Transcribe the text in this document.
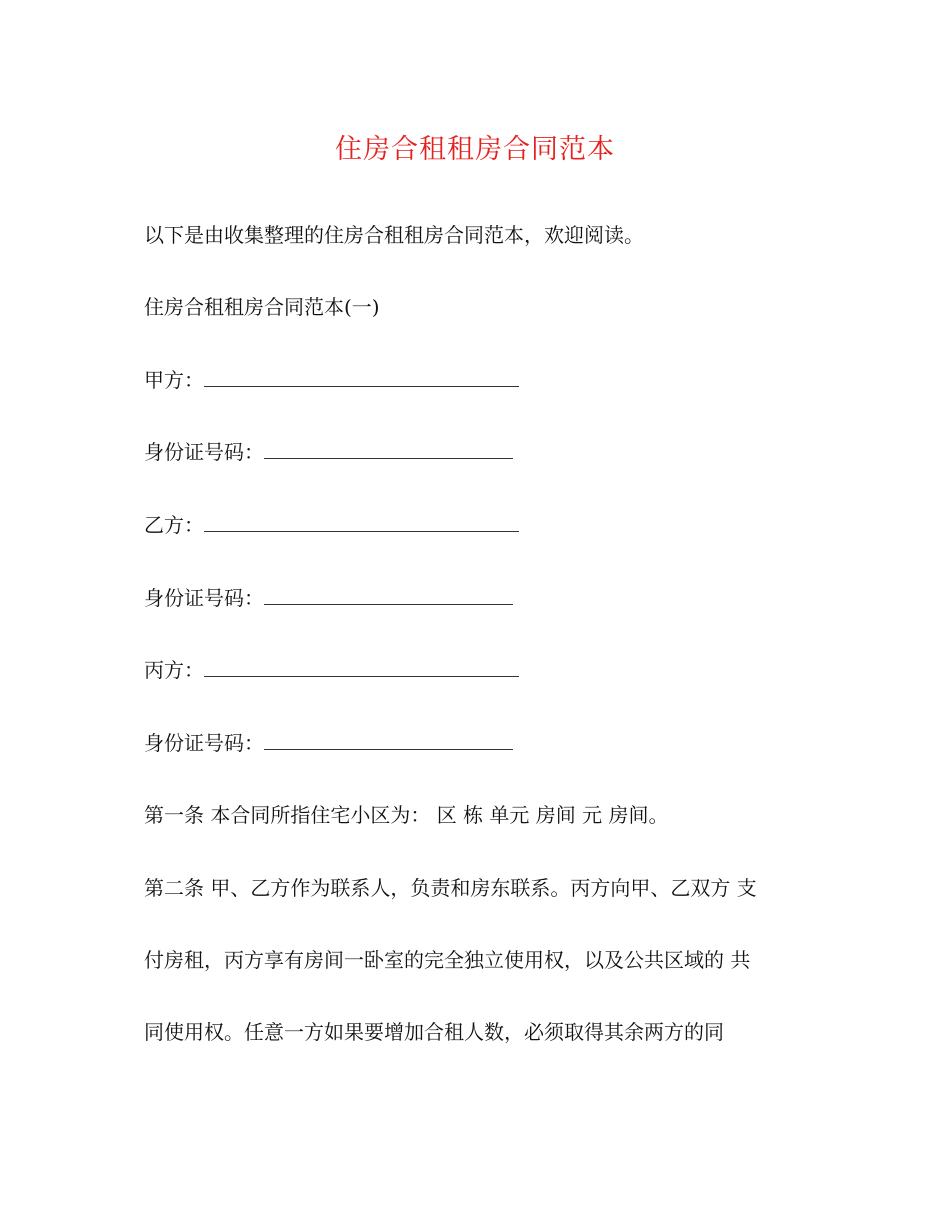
住房合租租房合同范本
以下是由收集整理的住房合租租房合同范本，欢迎阅读。
住房合租租房合同范本(一)
甲方：
身份证号码：
乙方：
身份证号码：
丙方：
身份证号码：
第一条 本合同所指住宅小区为： 区 栋 单元 房间 元 房间。
第二条 甲、乙方作为联系人，负责和房东联系。丙方向甲、乙双方 支
付房租，丙方享有房间一卧室的完全独立使用权，以及公共区域的 共
同使用权。任意一方如果要增加合租人数，必须取得其余两方的同
